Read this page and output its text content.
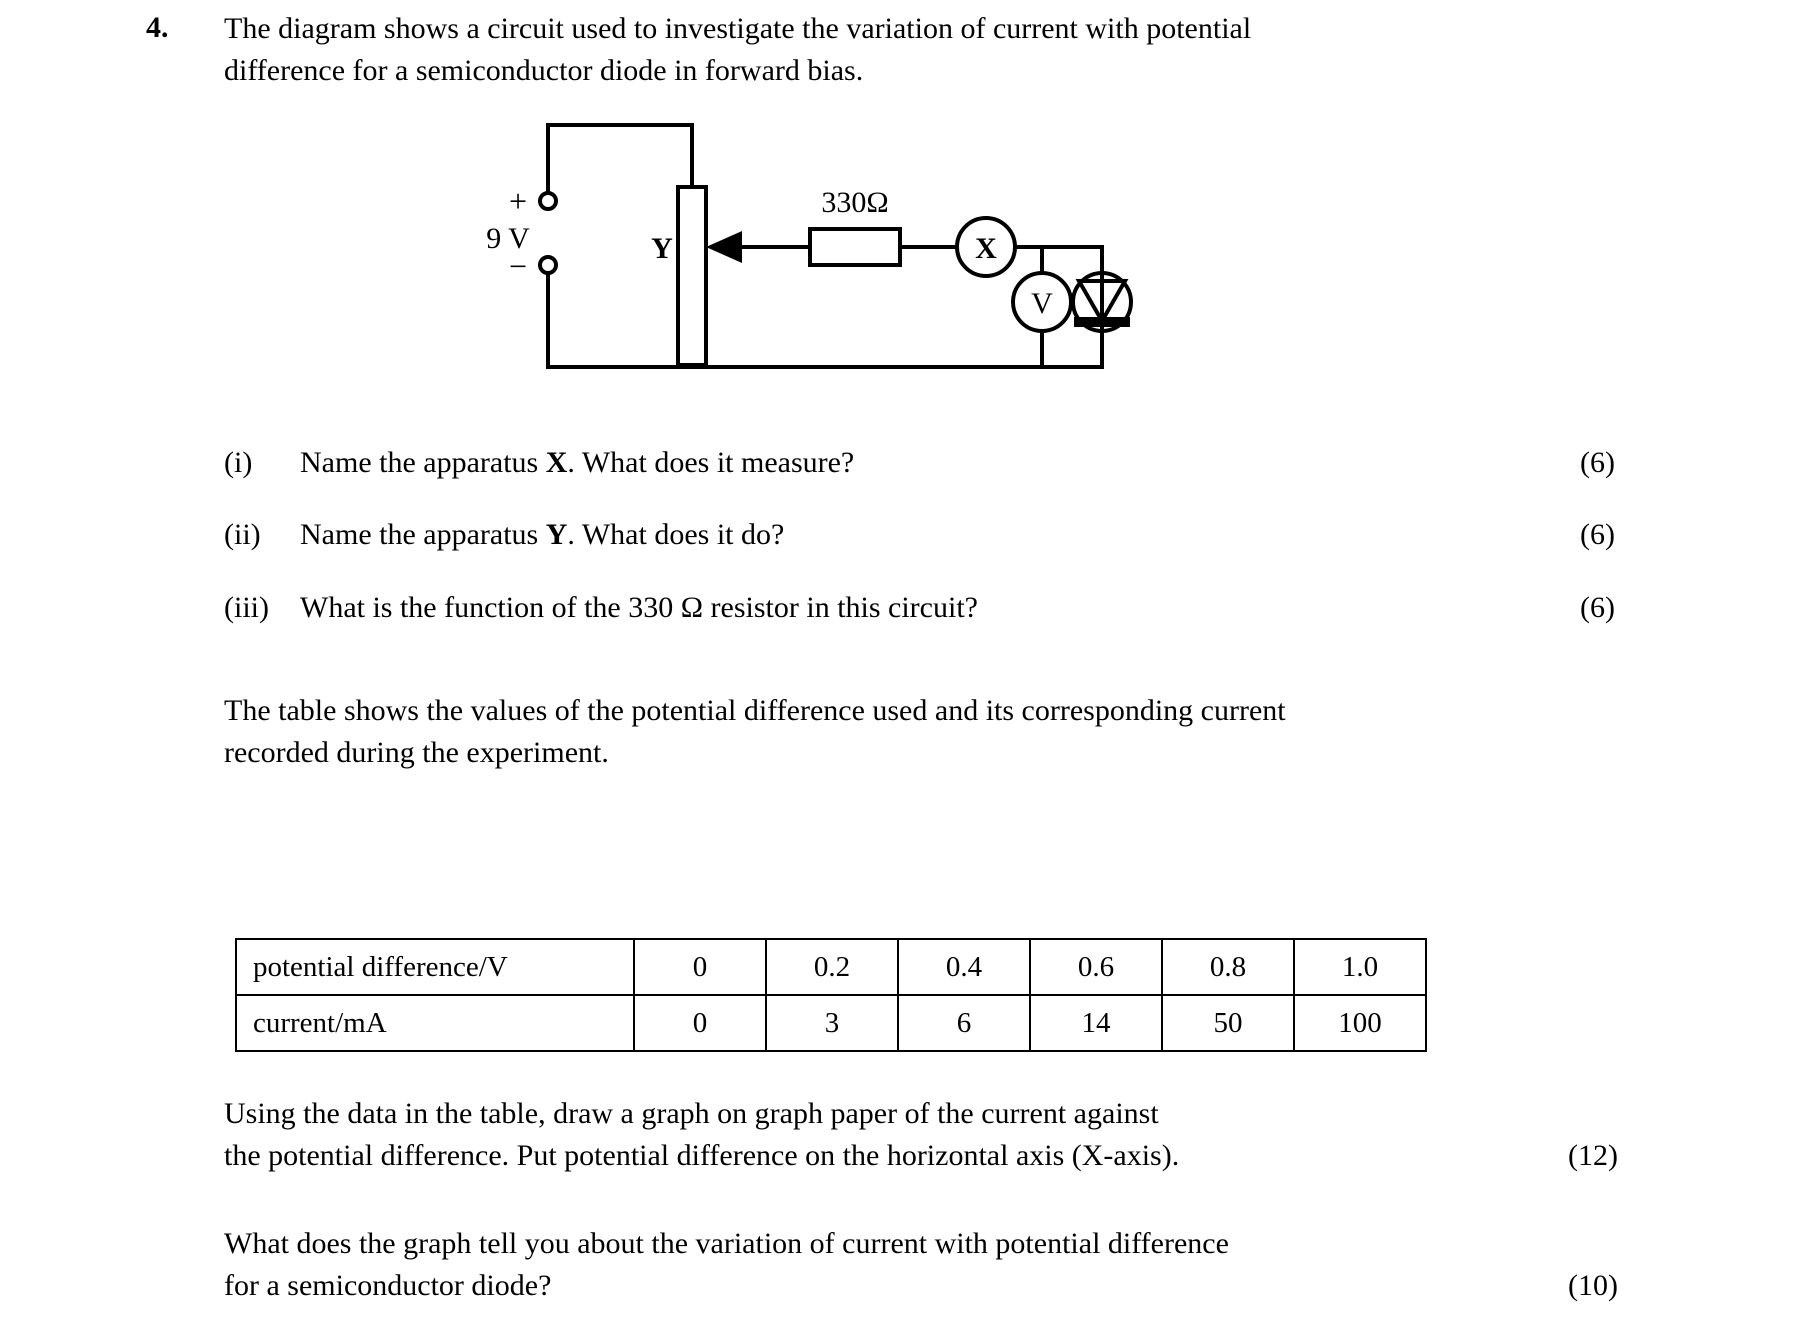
4. The diagram shows a circuit used to investigate the variation of current with potential difference for a semiconductor diode in forward bias.
+
−
9 V	Y
330Ω
X
V
(i)	Name the apparatus X. What does it measure?	(6)
(ii)	Name the apparatus Y. What does it do?	(6)
(iii)	What is the function of the 330 Ω resistor in this circuit?	(6)
The table shows the values of the potential difference used and its corresponding current
recorded during the experiment.
potential difference/V	0	0.2	0.4	0.6	0.8	1.0
current/mA	0	3	6	14	50	100
Using the data in the table, draw a graph on graph paper of the current against
the potential difference. Put potential difference on the horizontal axis (X-axis).	(12)
What does the graph tell you about the variation of current with potential difference
for a semiconductor diode?	(10)
